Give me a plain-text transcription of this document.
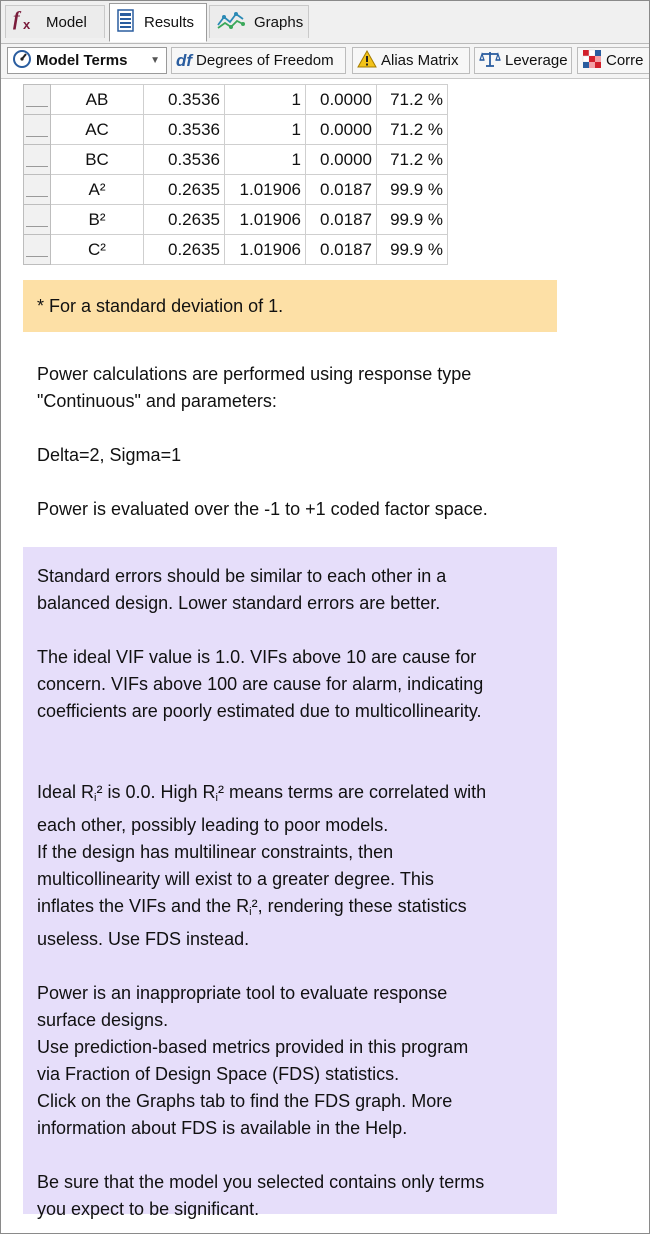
f x Model	Results	Graphs
Model Terms ▼ df Degrees of Freedom	Alias Matrix	Leverage	Corre
	AB	0.3536	1	0.0000	71.2 %

	AC	0.3536	1	0.0000	71.2 %

	BC	0.3536	1	0.0000	71.2 %

	A²	0.2635	1.01906	0.0187	99.9 %

	B²	0.2635	1.01906	0.0187	99.9 %

	C²	0.2635	1.01906	0.0187	99.9 %
* For a standard deviation of 1.

Power calculations are performed using response type

"Continuous" and parameters:

Delta=2, Sigma=1

Power is evaluated over the -1 to +1 coded factor space.

Standard errors should be similar to each other in a

balanced design. Lower standard errors are better.

The ideal VIF value is 1.0. VIFs above 10 are cause for

concern. VIFs above 100 are cause for alarm, indicating

coefficients are poorly estimated due to multicollinearity.

Ideal $R_i^2$ is 0.0. High $R_i^2$ means terms are correlated with

each other, possibly leading to poor models.

If the design has multilinear constraints, then

multicollinearity will exist to a greater degree. This

inflates the VIFs and the $R_i^2$, rendering these statistics

useless. Use FDS instead.

Power is an inappropriate tool to evaluate response

surface designs.

Use prediction-based metrics provided in this program

via Fraction of Design Space (FDS) statistics.

Click on the Graphs tab to find the FDS graph. More

information about FDS is available in the Help.

Be sure that the model you selected contains only terms

you expect to be significant.
